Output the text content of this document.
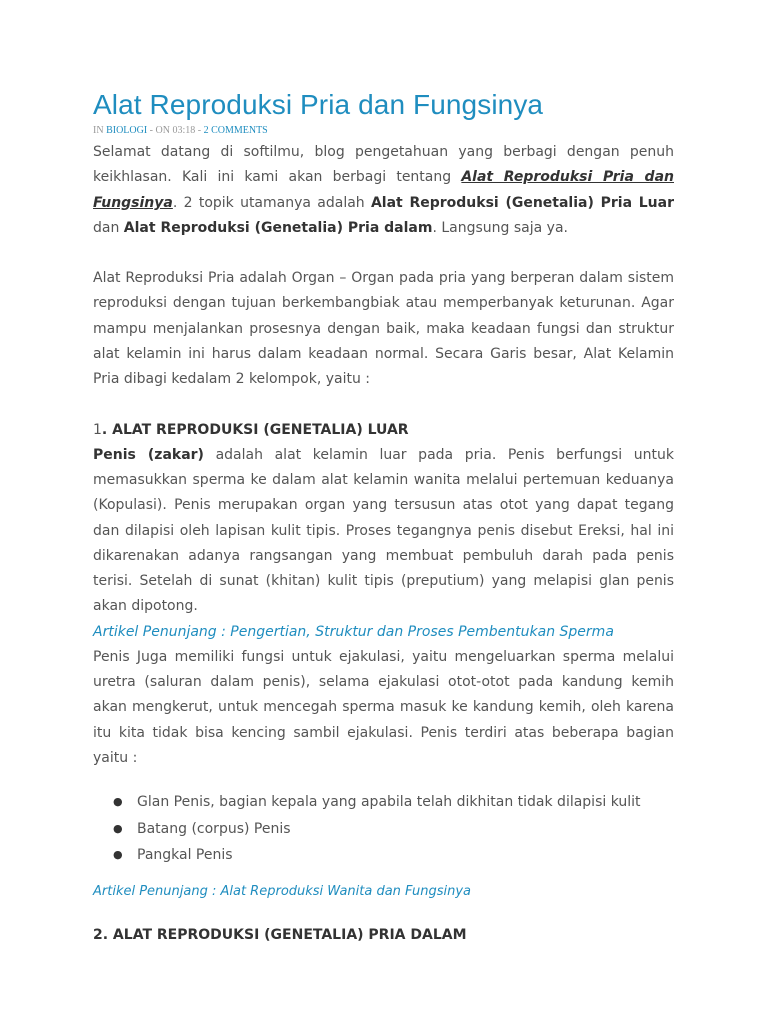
Alat Reproduksi Pria dan Fungsinya
IN BIOLOGI - ON 03:18 - 2 COMMENTS

Selamat datang di softilmu, blog pengetahuan yang berbagi dengan penuh keikhlasan. Kali ini kami akan berbagi tentang Alat Reproduksi Pria dan Fungsinya. 2 topik utamanya adalah Alat Reproduksi (Genetalia) Pria Luar dan Alat Reproduksi (Genetalia) Pria dalam. Langsung saja ya.

Alat Reproduksi Pria adalah Organ – Organ pada pria yang berperan dalam sistem reproduksi dengan tujuan berkembangbiak atau memperbanyak keturunan. Agar mampu menjalankan prosesnya dengan baik, maka keadaan fungsi dan struktur alat kelamin ini harus dalam keadaan normal. Secara Garis besar, Alat Kelamin Pria dibagi kedalam 2 kelompok, yaitu :

1. ALAT REPRODUKSI (GENETALIA) LUAR

Penis (zakar) adalah alat kelamin luar pada pria. Penis berfungsi untuk memasukkan sperma ke dalam alat kelamin wanita melalui pertemuan keduanya (Kopulasi). Penis merupakan organ yang tersusun atas otot yang dapat tegang dan dilapisi oleh lapisan kulit tipis. Proses tegangnya penis disebut Ereksi, hal ini dikarenakan adanya rangsangan yang membuat pembuluh darah pada penis terisi. Setelah di sunat (khitan) kulit tipis (preputium) yang melapisi glan penis akan dipotong.

Artikel Penunjang : Pengertian, Struktur dan Proses Pembentukan Sperma

Penis Juga memiliki fungsi untuk ejakulasi, yaitu mengeluarkan sperma melalui uretra (saluran dalam penis), selama ejakulasi otot-otot pada kandung kemih akan mengkerut, untuk mencegah sperma masuk ke kandung kemih, oleh karena itu kita tidak bisa kencing sambil ejakulasi. Penis terdiri atas beberapa bagian yaitu :

● Glan Penis, bagian kepala yang apabila telah dikhitan tidak dilapisi kulit
● Batang (corpus) Penis
● Pangkal Penis
Artikel Penunjang : Alat Reproduksi Wanita dan Fungsinya
2. ALAT REPRODUKSI (GENETALIA) PRIA DALAM
